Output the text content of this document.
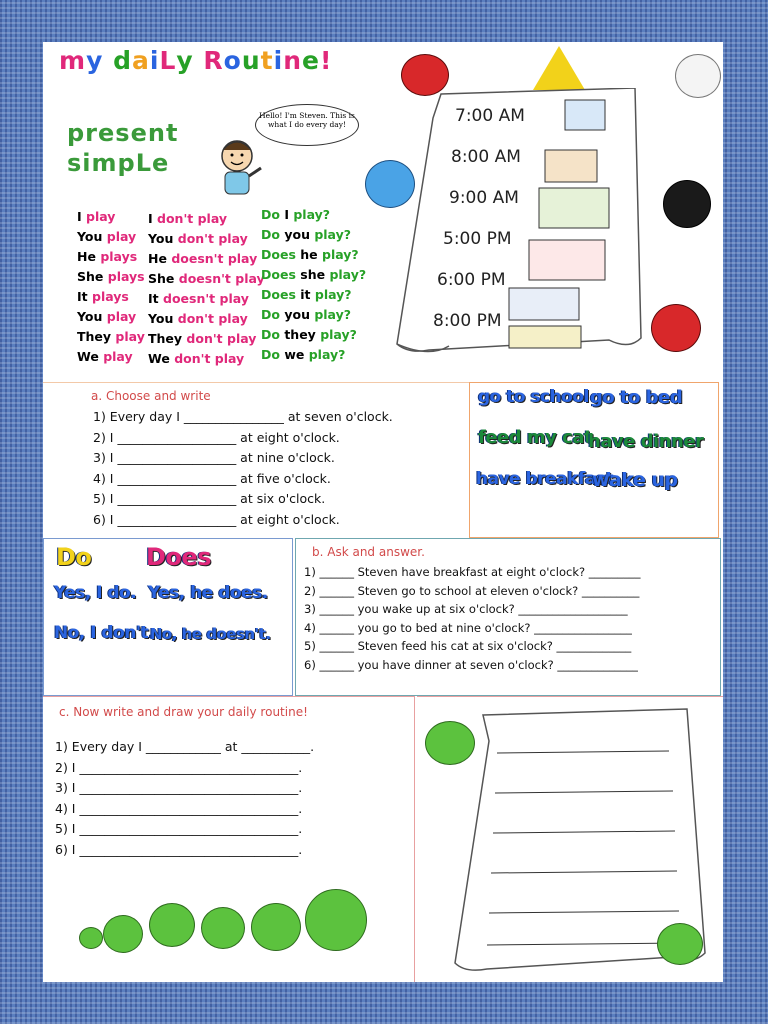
my daiLy Routine!
present
simpLe
Hello! I'm Steven. This is what I do every day!
I play
You play
He plays
She plays
It plays
You play
They play
We play
I don't play
You don't play
He doesn't play
She doesn't play
It doesn't play
You don't play
They don't play
We don't play
Do I play?
Do you play?
Does he play?
Does she play?
Does it play?
Do you play?
Do they play?
Do we play?
7:00 AM
8:00 AM
9:00 AM
5:00 PM
6:00 PM
8:00 PM
a. Choose and write
1) Every day I ________________ at seven o'clock.
2) I ___________________ at eight o'clock.
3) I ___________________ at nine o'clock.
4) I ___________________ at five o'clock.
5) I ___________________ at six o'clock.
6) I ___________________ at eight o'clock.
go to school go to bed
feed my cat
have dinner
have breakfast
wake up
Do Does
Yes, I do. Yes, he does.
No, I don't.
No, he doesn't.
b. Ask and answer.
1) ______ Steven have breakfast at eight o'clock? _________
2) ______ Steven go to school at eleven o'clock? __________
3) ______ you wake up at six o'clock? ___________________
4) ______ you go to bed at nine o'clock? _________________
5) ______ Steven feed his cat at six o'clock? _____________
6) ______ you have dinner at seven o'clock? ______________
c. Now write and draw your daily routine!
1) Every day I ____________ at ___________.
2) I ___________________________________.
3) I ___________________________________.
4) I ___________________________________.
5) I ___________________________________.
6) I ___________________________________.
